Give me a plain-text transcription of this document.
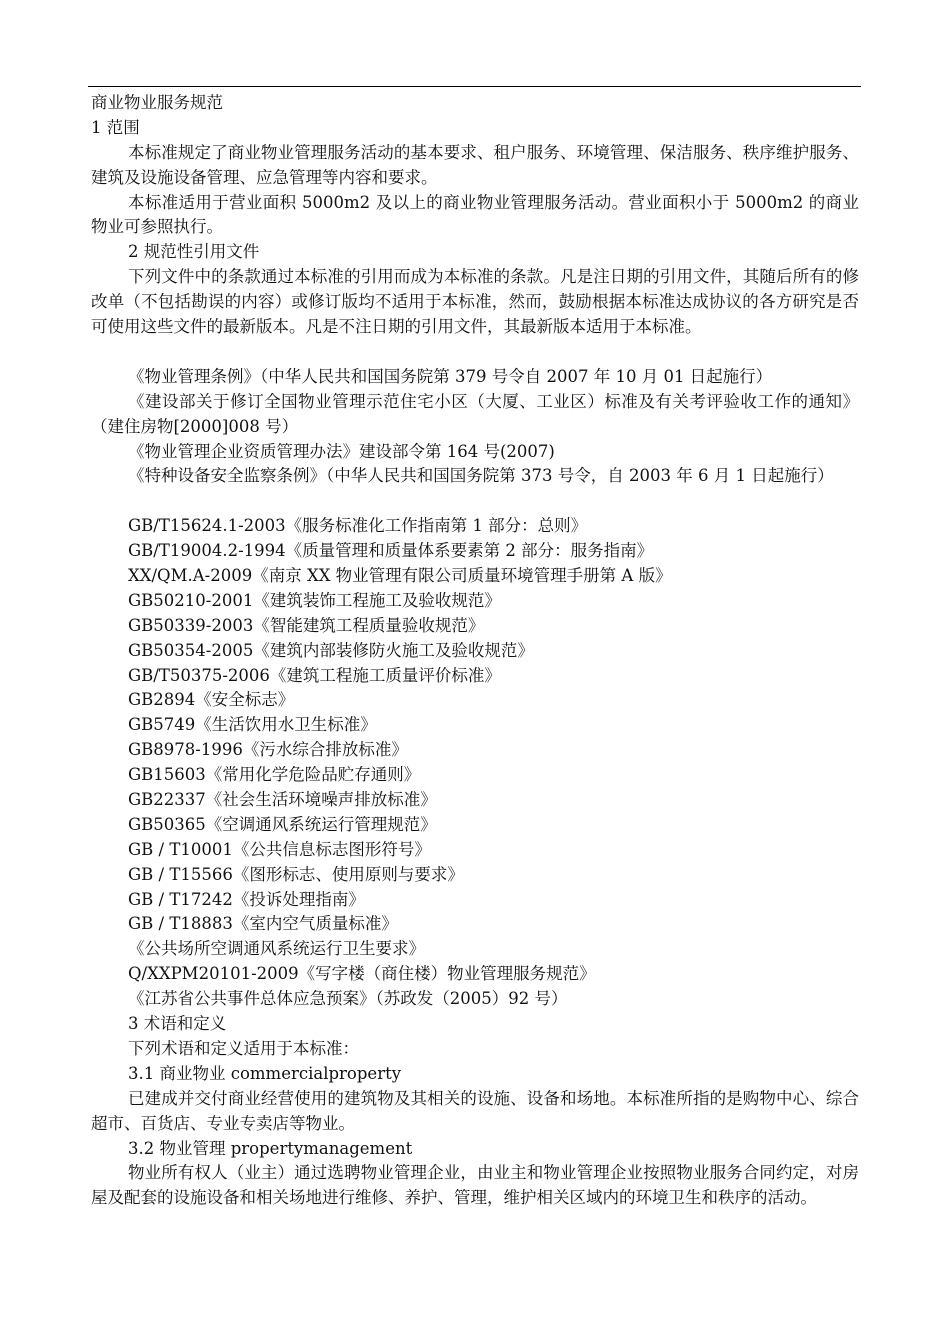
商业物业服务规范
1 范围
本标准规定了商业物业管理服务活动的基本要求、租户服务、环境管理、保洁服务、秩序维护服务、建筑及设施设备管理、应急管理等内容和要求。
本标准适用于营业面积 5000m2 及以上的商业物业管理服务活动。营业面积小于 5000m2 的商业物业可参照执行。
2 规范性引用文件
下列文件中的条款通过本标准的引用而成为本标准的条款。凡是注日期的引用文件，其随后所有的修改单（不包括勘误的内容）或修订版均不适用于本标准，然而，鼓励根据本标准达成协议的各方研究是否可使用这些文件的最新版本。凡是不注日期的引用文件，其最新版本适用于本标准。
《物业管理条例》（中华人民共和国国务院第 379 号令自 2007 年 10 月 01 日起施行）
《建设部关于修订全国物业管理示范住宅小区（大厦、工业区）标准及有关考评验收工作的通知》（建住房物[2000]008 号）
《物业管理企业资质管理办法》建设部令第 164 号(2007)
《特种设备安全监察条例》（中华人民共和国国务院第 373 号令，自 2003 年 6 月 1 日起施行）
GB/T15624.1-2003《服务标准化工作指南第 1 部分：总则》
GB/T19004.2-1994《质量管理和质量体系要素第 2 部分：服务指南》
XX/QM.A-2009《南京 XX 物业管理有限公司质量环境管理手册第 A 版》
GB50210-2001《建筑装饰工程施工及验收规范》
GB50339-2003《智能建筑工程质量验收规范》
GB50354-2005《建筑内部装修防火施工及验收规范》
GB/T50375-2006《建筑工程施工质量评价标准》
GB2894《安全标志》
GB5749《生活饮用水卫生标准》
GB8978-1996《污水综合排放标准》
GB15603《常用化学危险品贮存通则》
GB22337《社会生活环境噪声排放标准》
GB50365《空调通风系统运行管理规范》
GB / T10001《公共信息标志图形符号》
GB / T15566《图形标志、使用原则与要求》
GB / T17242《投诉处理指南》
GB / T18883《室内空气质量标准》
《公共场所空调通风系统运行卫生要求》
Q/XXPM20101-2009《写字楼（商住楼）物业管理服务规范》
《江苏省公共事件总体应急预案》（苏政发（2005）92 号）
3 术语和定义
下列术语和定义适用于本标准：
3.1 商业物业 commercialproperty
已建成并交付商业经营使用的建筑物及其相关的设施、设备和场地。本标准所指的是购物中心、综合超市、百货店、专业专卖店等物业。
3.2 物业管理 propertymanagement
物业所有权人（业主）通过选聘物业管理企业，由业主和物业管理企业按照物业服务合同约定，对房屋及配套的设施设备和相关场地进行维修、养护、管理，维护相关区域内的环境卫生和秩序的活动。
